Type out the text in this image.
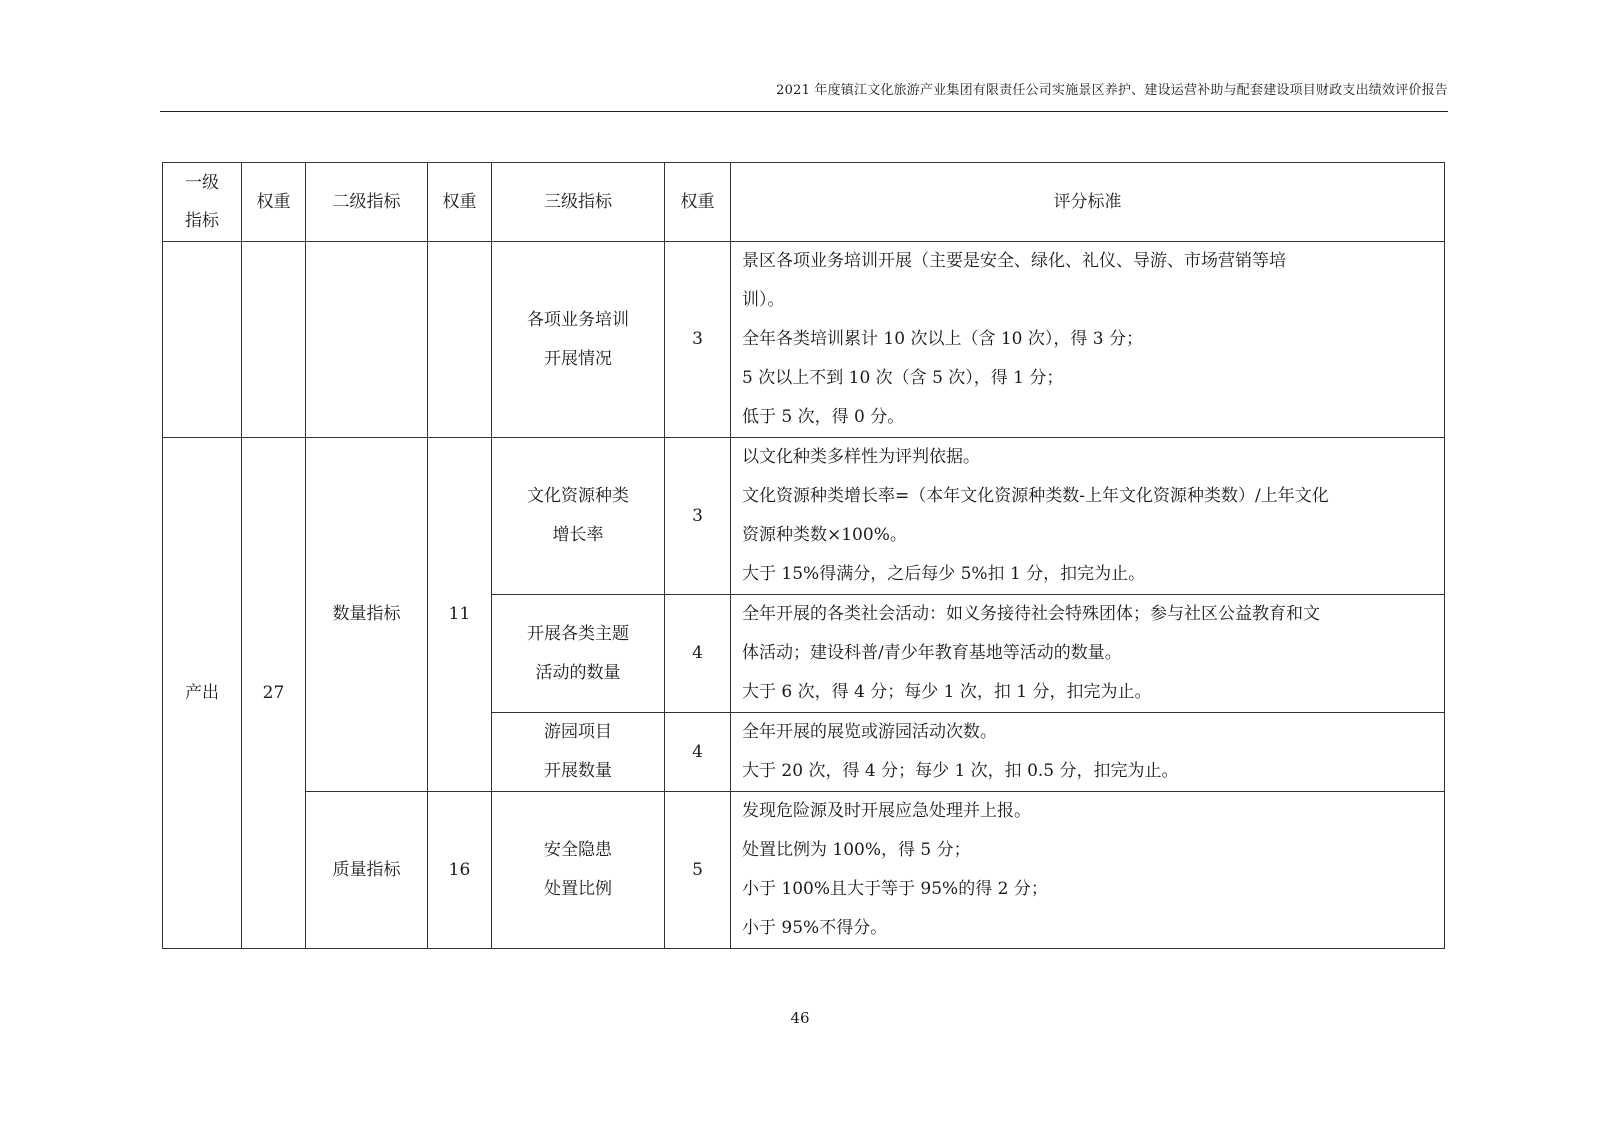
2021 年度镇江文化旅游产业集团有限责任公司实施景区养护、建设运营补助与配套建设项目财政支出绩效评价报告
一级
指标	权重	二级指标	权重	三级指标	权重	评分标准

				各项业务培训
开展情况	3	景区各项业务培训开展（主要是安全、绿化、礼仪、导游、市场营销等培
训）。
全年各类培训累计 10 次以上（含 10 次），得 3 分；
5 次以上不到 10 次（含 5 次），得 1 分；
低于 5 次，得 0 分。

产出	27	数量指标	11	文化资源种类
增长率	3	以文化种类多样性为评判依据。
文化资源种类增长率=（本年文化资源种类数-上年文化资源种类数）/上年文化
资源种类数×100%。
大于 15%得满分，之后每少 5%扣 1 分，扣完为止。

				开展各类主题
活动的数量	4	全年开展的各类社会活动：如义务接待社会特殊团体；参与社区公益教育和文
体活动；建设科普/青少年教育基地等活动的数量。
大于 6 次，得 4 分；每少 1 次，扣 1 分，扣完为止。

				游园项目
开展数量	4	全年开展的展览或游园活动次数。
大于 20 次，得 4 分；每少 1 次，扣 0.5 分，扣完为止。

		质量指标	16	安全隐患
处置比例	5	发现危险源及时开展应急处理并上报。
处置比例为 100%，得 5 分；
小于 100%且大于等于 95%的得 2 分；
小于 95%不得分。
46
